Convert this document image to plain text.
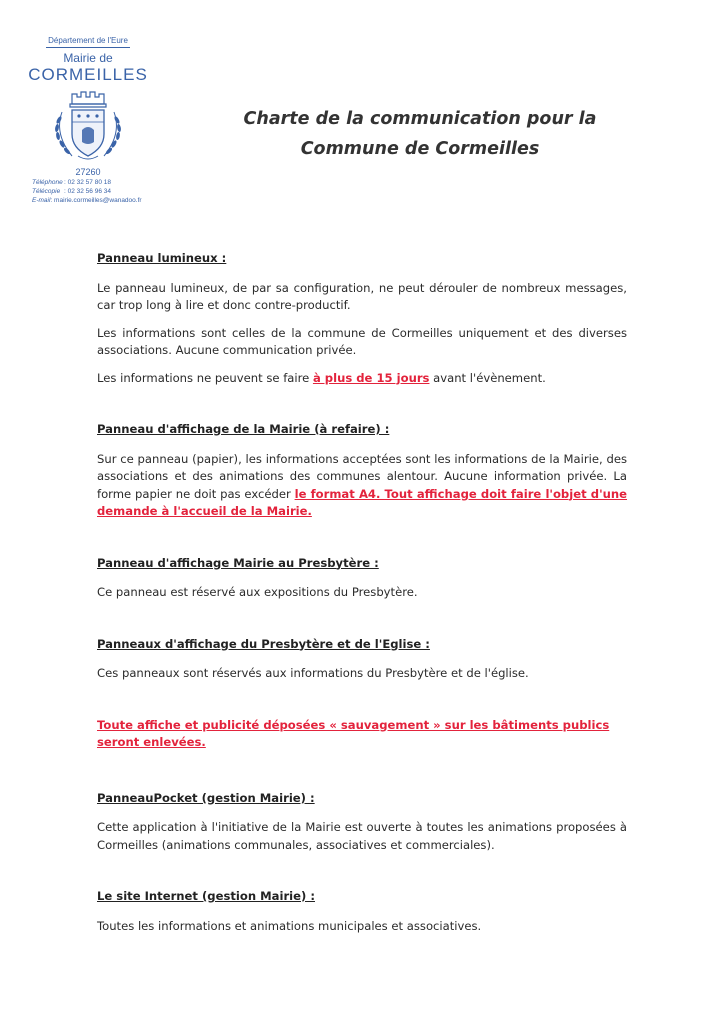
Département de l'Eure
Mairie de
CORMEILLES
27260
Téléphone: 02 32 57 80 18
Télécopie : 02 32 56 96 34
E-mail: mairie.cormeilles@wanadoo.fr
Charte de la communication pour la
Commune de Cormeilles

Panneau lumineux :

Le panneau lumineux, de par sa configuration, ne peut dérouler de nombreux messages, car trop long à lire et donc contre-productif.

Les informations sont celles de la commune de Cormeilles uniquement et des diverses associations. Aucune communication privée.

Les informations ne peuvent se faire à plus de 15 jours avant l'évènement.

Panneau d'affichage de la Mairie (à refaire) :

Sur ce panneau (papier), les informations acceptées sont les informations de la Mairie, des associations et des animations des communes alentour. Aucune information privée. La forme papier ne doit pas excéder le format A4. Tout affichage doit faire l'objet d'une demande à l'accueil de la Mairie.

Panneau d'affichage Mairie au Presbytère :

Ce panneau est réservé aux expositions du Presbytère.

Panneaux d'affichage du Presbytère et de l'Eglise :

Ces panneaux sont réservés aux informations du Presbytère et de l'église.

Toute affiche et publicité déposées « sauvagement » sur les bâtiments publics seront enlevées.

PanneauPocket (gestion Mairie) :

Cette application à l'initiative de la Mairie est ouverte à toutes les animations proposées à Cormeilles (animations communales, associatives et commerciales).

Le site Internet (gestion Mairie) :

Toutes les informations et animations municipales et associatives.
